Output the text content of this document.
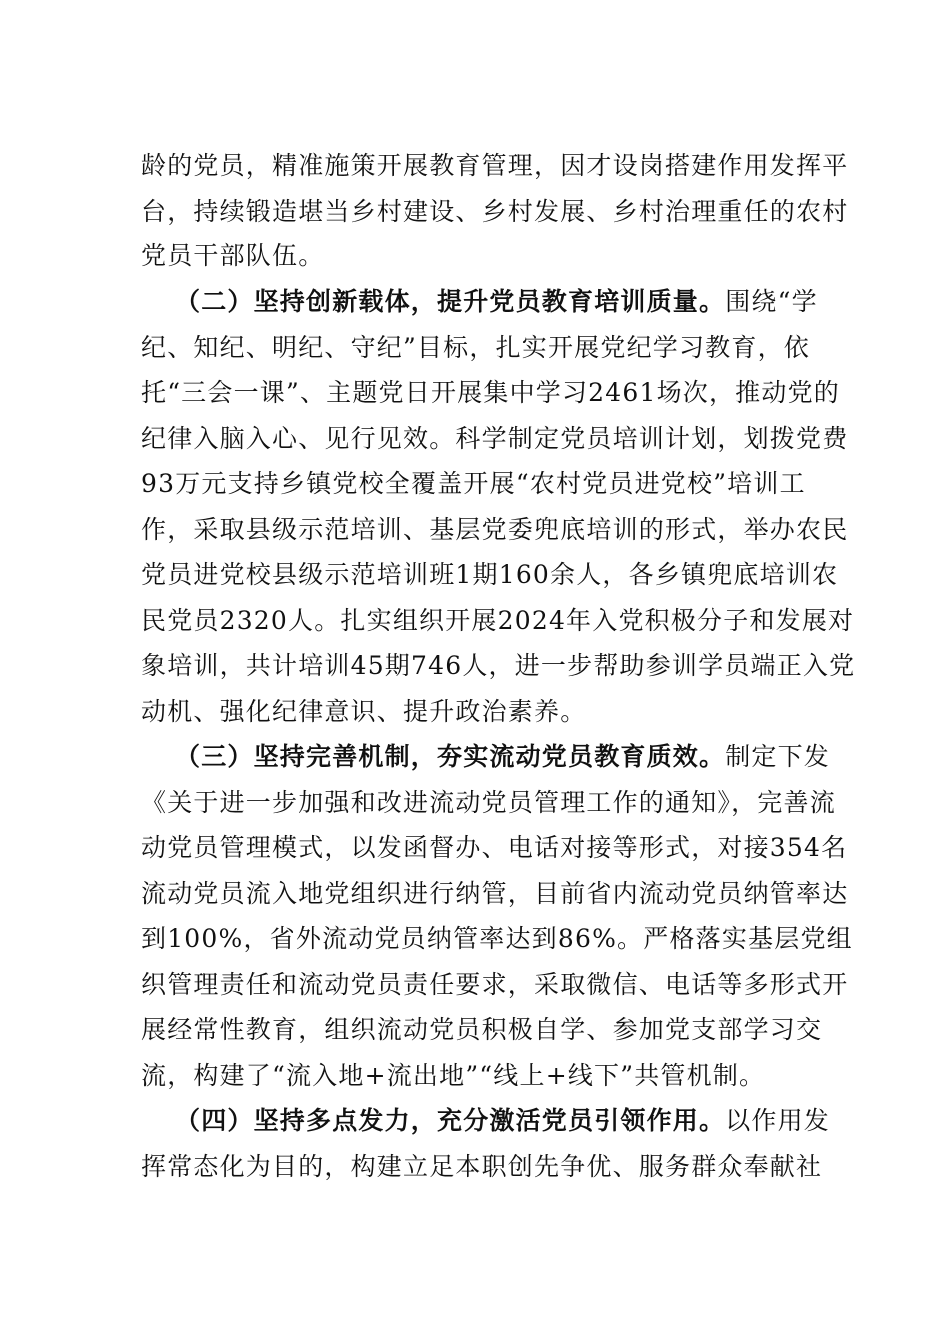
龄的党员，精准施策开展教育管理，因才设岗搭建作用发挥平
台，持续锻造堪当乡村建设、乡村发展、乡村治理重任的农村
党员干部队伍。
（二）坚持创新载体，提升党员教育培训质量。围绕“学
纪、知纪、明纪、守纪”目标，扎实开展党纪学习教育，依
托“三会一课”、主题党日开展集中学习2461场次，推动党的
纪律入脑入心、见行见效。科学制定党员培训计划，划拨党费
93万元支持乡镇党校全覆盖开展“农村党员进党校”培训工
作，采取县级示范培训、基层党委兜底培训的形式，举办农民
党员进党校县级示范培训班1期160余人，各乡镇兜底培训农
民党员2320人。扎实组织开展2024年入党积极分子和发展对
象培训，共计培训45期746人，进一步帮助参训学员端正入党
动机、强化纪律意识、提升政治素养。
（三）坚持完善机制，夯实流动党员教育质效。制定下发
《关于进一步加强和改进流动党员管理工作的通知》，完善流
动党员管理模式，以发函督办、电话对接等形式，对接354名
流动党员流入地党组织进行纳管，目前省内流动党员纳管率达
到100%，省外流动党员纳管率达到86%。严格落实基层党组
织管理责任和流动党员责任要求，采取微信、电话等多形式开
展经常性教育，组织流动党员积极自学、参加党支部学习交
流，构建了“流入地+流出地”“线上+线下”共管机制。
（四）坚持多点发力，充分激活党员引领作用。以作用发
挥常态化为目的，构建立足本职创先争优、服务群众奉献社
